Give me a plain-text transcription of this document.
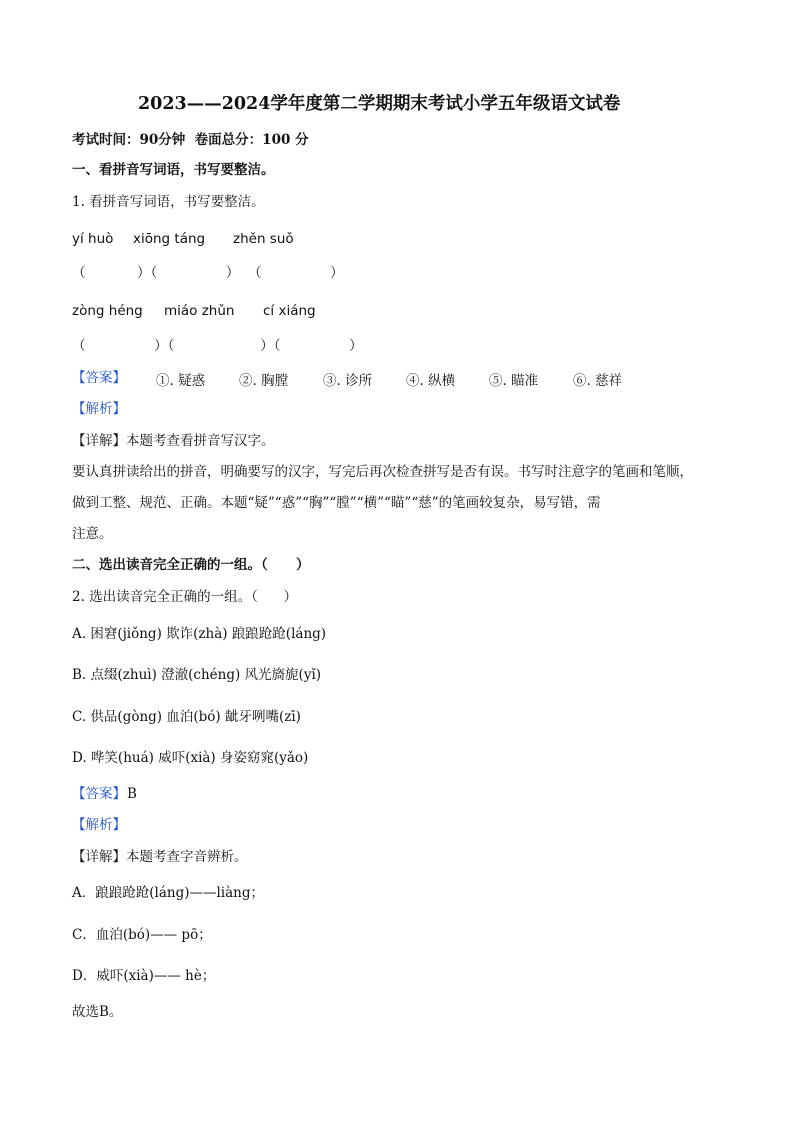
2023——2024学年度第二学期期末考试小学五年级语文试卷
考试时间：90分钟  卷面总分：100 分
一、看拼音写词语，书写要整洁。
1. 看拼音写词语，书写要整洁。
yí huò xiōng táng zhěn suǒ
（            ）（                ）  （                ）
zòng héng miáo zhǔn cí xiáng
（                ）（                    ）（                ）
【答案】 ①. 疑惑	②. 胸膛	③. 诊所	④. 纵横	⑤. 瞄准	⑥. 慈祥
【解析】
【详解】本题考查看拼音写汉字。
要认真拼读给出的拼音，明确要写的汉字，写完后再次检查拼写是否有误。书写时注意字的笔画和笔顺，
做到工整、规范、正确。本题“疑”“惑”“胸”“膛”“横”“瞄”“慈”的笔画较复杂，易写错，需
注意。
二、选出读音完全正确的一组。（      ）
2. 选出读音完全正确的一组。（      ）
A. 困窘(jiǒng) 欺诈(zhà) 踉踉跄跄(láng)
B. 点缀(zhuì) 澄澈(chéng) 风光旖旎(yǐ)
C. 供品(gòng) 血泊(bó) 龇牙咧嘴(zī)
D. 哗笑(huá) 威吓(xià) 身姿窈窕(yǎo)
【答案】 B
【解析】
【详解】本题考查字音辨析。
A．踉踉跄跄(láng)——liàng；
C．血泊(bó)—— pō；
D．威吓(xià)—— hè；
故选B。
